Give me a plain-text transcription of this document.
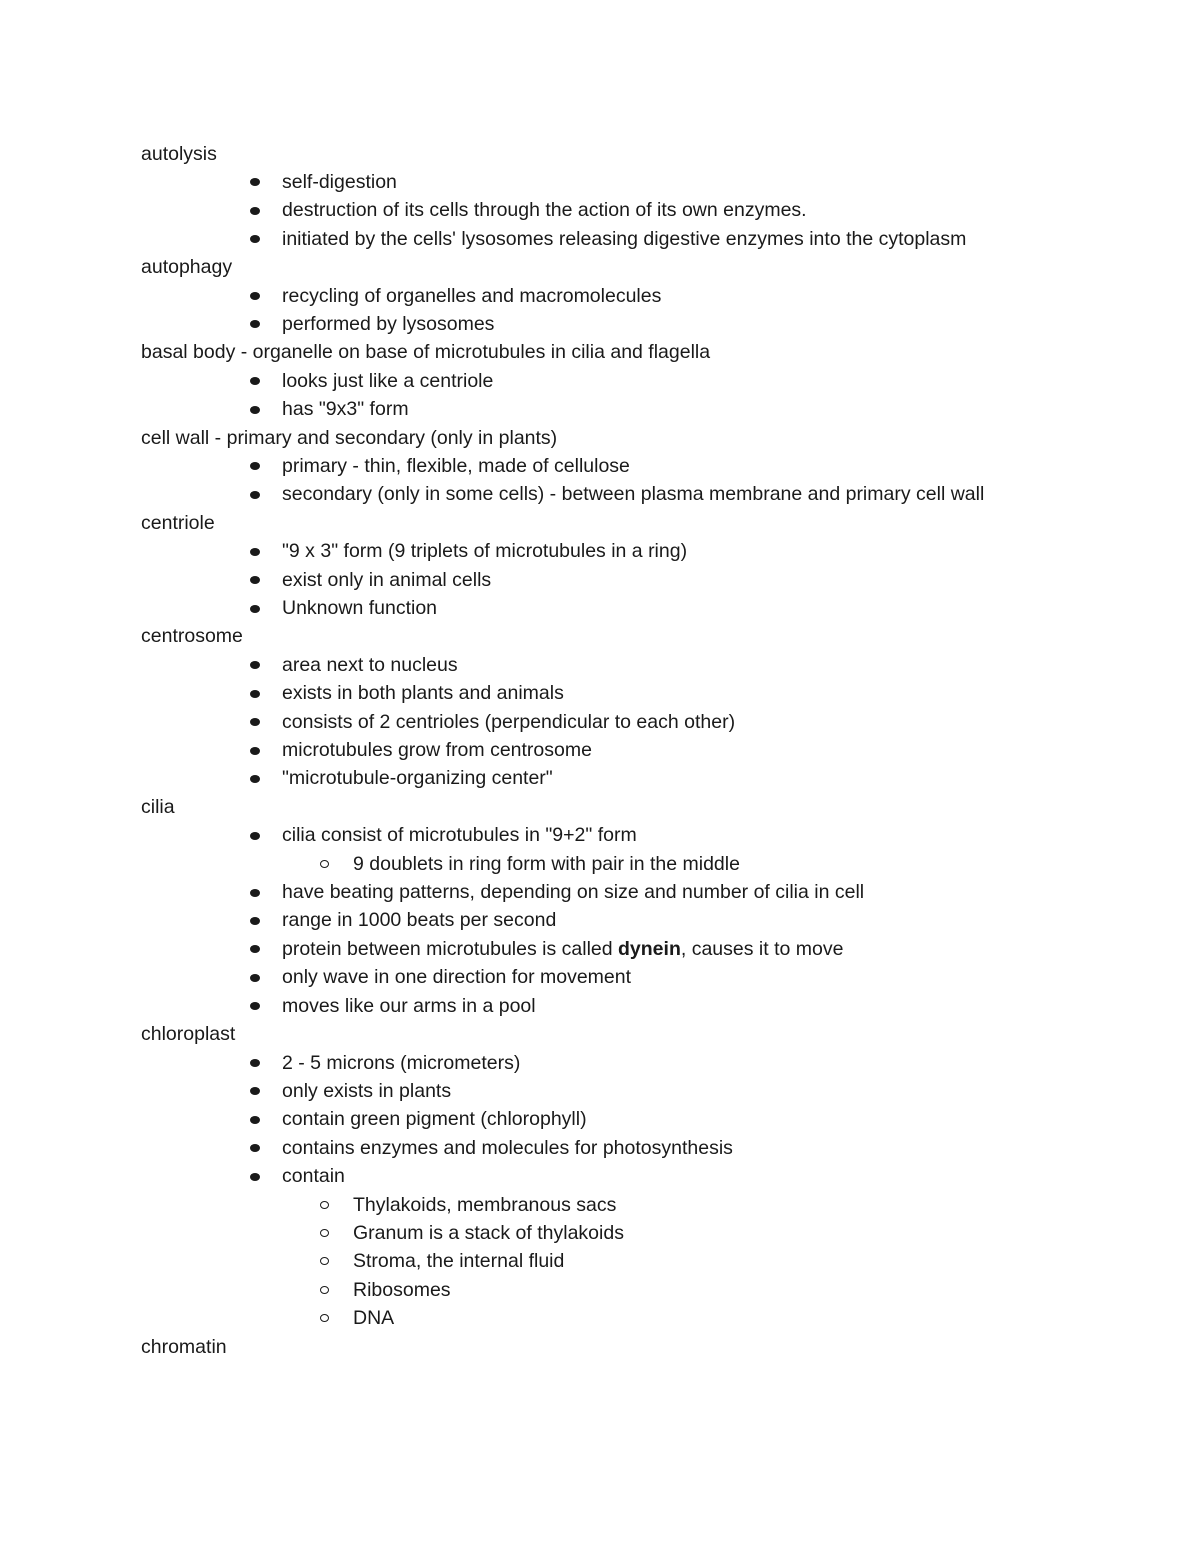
autolysis
self-digestion
destruction of its cells through the action of its own enzymes.
initiated by the cells' lysosomes releasing digestive enzymes into the cytoplasm
autophagy
recycling of organelles and macromolecules
performed by lysosomes
basal body - organelle on base of microtubules in cilia and flagella
looks just like a centriole
has "9x3" form
cell wall - primary and secondary (only in plants)
primary - thin, flexible, made of cellulose
secondary (only in some cells) - between plasma membrane and primary cell wall
centriole
"9 x 3" form (9 triplets of microtubules in a ring)
exist only in animal cells
Unknown function
centrosome
area next to nucleus
exists in both plants and animals
consists of 2 centrioles (perpendicular to each other)
microtubules grow from centrosome
"microtubule-organizing center"
cilia
cilia consist of microtubules in "9+2" form
9 doublets in ring form with pair in the middle
have beating patterns, depending on size and number of cilia in cell
range in 1000 beats per second
protein between microtubules is called dynein, causes it to move
only wave in one direction for movement
moves like our arms in a pool
chloroplast
2 - 5 microns (micrometers)
only exists in plants
contain green pigment (chlorophyll)
contains enzymes and molecules for photosynthesis
contain
Thylakoids, membranous sacs
Granum is a stack of thylakoids
Stroma, the internal fluid
Ribosomes
DNA
chromatin
